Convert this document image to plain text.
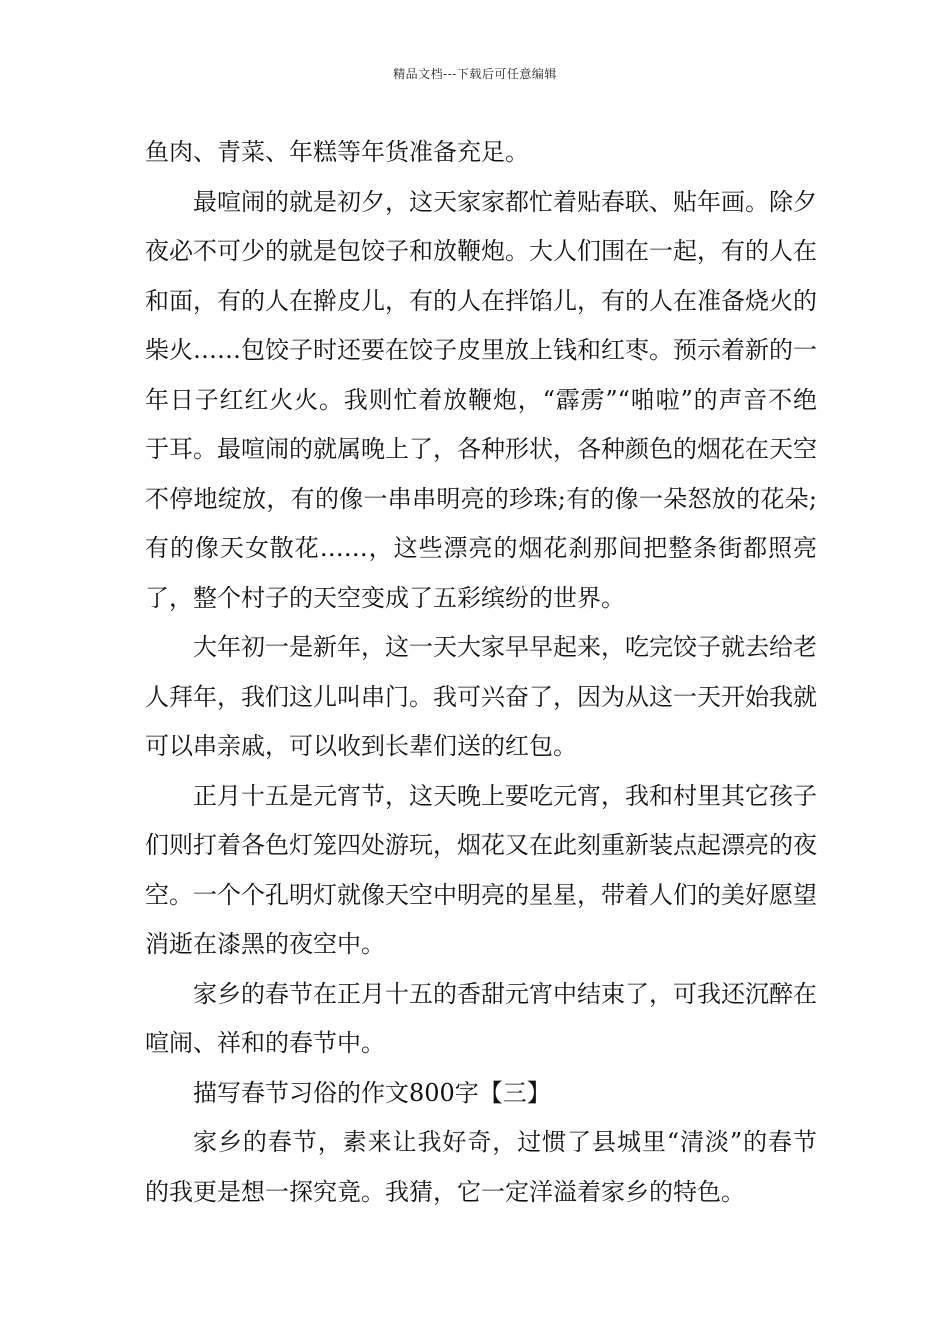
精品文档---下载后可任意编辑

鱼肉、青菜、年糕等年货准备充足。

最喧闹的就是初夕，这天家家都忙着贴春联、贴年画。除夕夜必不可少的就是包饺子和放鞭炮。大人们围在一起，有的人在和面，有的人在擀皮儿，有的人在拌馅儿，有的人在准备烧火的柴火……包饺子时还要在饺子皮里放上钱和红枣。预示着新的一年日子红红火火。我则忙着放鞭炮，“霹雳”“啪啦”的声音不绝于耳。最喧闹的就属晚上了，各种形状，各种颜色的烟花在天空不停地绽放，有的像一串串明亮的珍珠;有的像一朵怒放的花朵;有的像天女散花……，这些漂亮的烟花刹那间把整条街都照亮了，整个村子的天空变成了五彩缤纷的世界。

大年初一是新年，这一天大家早早起来，吃完饺子就去给老人拜年，我们这儿叫串门。我可兴奋了，因为从这一天开始我就可以串亲戚，可以收到长辈们送的红包。

正月十五是元宵节，这天晚上要吃元宵，我和村里其它孩子们则打着各色灯笼四处游玩，烟花又在此刻重新装点起漂亮的夜空。一个个孔明灯就像天空中明亮的星星，带着人们的美好愿望消逝在漆黑的夜空中。

家乡的春节在正月十五的香甜元宵中结束了，可我还沉醉在喧闹、祥和的春节中。

描写春节习俗的作文800字【三】

家乡的春节，素来让我好奇，过惯了县城里“清淡”的春节的我更是想一探究竟。我猜，它一定洋溢着家乡的特色。
